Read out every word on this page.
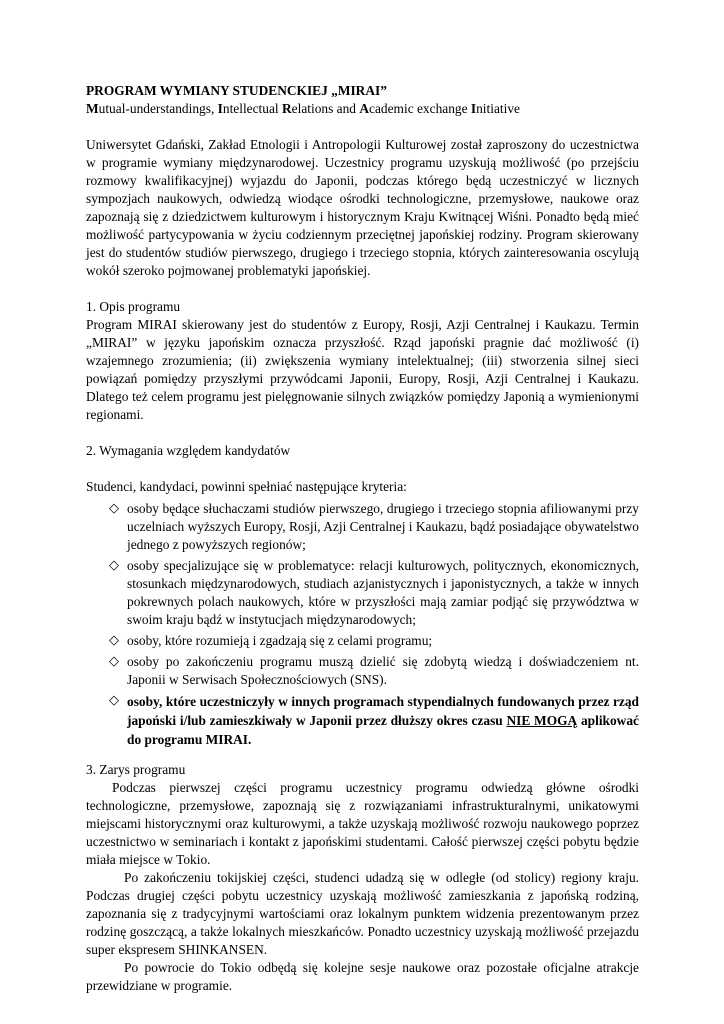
PROGRAM WYMIANY STUDENCKIEJ „MIRAI”

Mutual-understandings, Intellectual Relations and Academic exchange Initiative

Uniwersytet Gdański, Zakład Etnologii i Antropologii Kulturowej został zaproszony do uczestnictwa w programie wymiany międzynarodowej. Uczestnicy programu uzyskują możliwość (po przejściu rozmowy kwalifikacyjnej) wyjazdu do Japonii, podczas którego będą uczestniczyć w licznych sympozjach naukowych, odwiedzą wiodące ośrodki technologiczne, przemysłowe, naukowe oraz zapoznają się z dziedzictwem kulturowym i historycznym Kraju Kwitnącej Wiśni. Ponadto będą mieć możliwość partycypowania w życiu codziennym przeciętnej japońskiej rodziny. Program skierowany jest do studentów studiów pierwszego, drugiego i trzeciego stopnia, których zainteresowania oscylują wokół szeroko pojmowanej problematyki japońskiej.

1. Opis programu

Program MIRAI skierowany jest do studentów z Europy, Rosji, Azji Centralnej i Kaukazu. Termin „MIRAI” w języku japońskim oznacza przyszłość. Rząd japoński pragnie dać możliwość (i) wzajemnego zrozumienia; (ii) zwiększenia wymiany intelektualnej; (iii) stworzenia silnej sieci powiązań pomiędzy przyszłymi przywódcami Japonii, Europy, Rosji, Azji Centralnej i Kaukazu. Dlatego też celem programu jest pielęgnowanie silnych związków pomiędzy Japonią a wymienionymi regionami.

2. Wymagania względem kandydatów

Studenci, kandydaci, powinni spełniać następujące kryteria:

◇ osoby będące słuchaczami studiów pierwszego, drugiego i trzeciego stopnia afiliowanymi przy uczelniach wyższych Europy, Rosji, Azji Centralnej i Kaukazu, bądź posiadające obywatelstwo jednego z powyższych regionów;
◇ osoby specjalizujące się w problematyce: relacji kulturowych, politycznych, ekonomicznych, stosunkach międzynarodowych, studiach azjanistycznych i japonistycznych, a także w innych pokrewnych polach naukowych, które w przyszłości mają zamiar podjąć się przywództwa w swoim kraju bądź w instytucjach międzynarodowych;
◇ osoby, które rozumieją i zgadzają się z celami programu;
◇ osoby po zakończeniu programu muszą dzielić się zdobytą wiedzą i doświadczeniem nt. Japonii w Serwisach Społecznościowych (SNS).
◇ osoby, które uczestniczyły w innych programach stypendialnych fundowanych przez rząd japoński i/lub zamieszkiwały w Japonii przez dłuższy okres czasu NIE MOGĄ aplikować do programu MIRAI.

3. Zarys programu

Podczas pierwszej części programu uczestnicy programu odwiedzą główne ośrodki technologiczne, przemysłowe, zapoznają się z rozwiązaniami infrastrukturalnymi, unikatowymi miejscami historycznymi oraz kulturowymi, a także uzyskają możliwość rozwoju naukowego poprzez uczestnictwo w seminariach i kontakt z japońskimi studentami. Całość pierwszej części pobytu będzie miała miejsce w Tokio.

Po zakończeniu tokijskiej części, studenci udadzą się w odległe (od stolicy) regiony kraju. Podczas drugiej części pobytu uczestnicy uzyskają możliwość zamieszkania z japońską rodziną, zapoznania się z tradycyjnymi wartościami oraz lokalnym punktem widzenia prezentowanym przez rodzinę goszczącą, a także lokalnych mieszkańców. Ponadto uczestnicy uzyskają możliwość przejazdu super ekspresem SHINKANSEN.

Po powrocie do Tokio odbędą się kolejne sesje naukowe oraz pozostałe oficjalne atrakcje przewidziane w programie.
